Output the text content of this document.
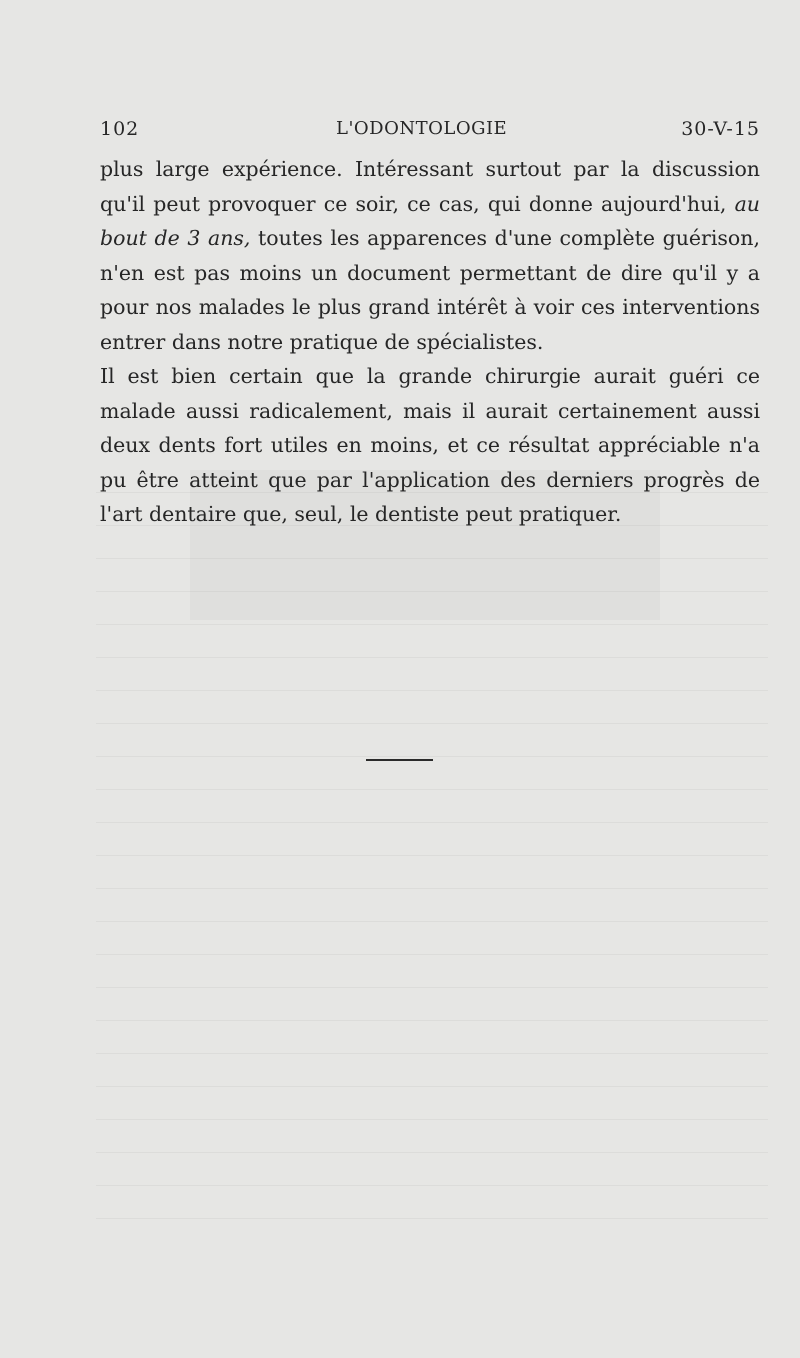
102	L'ODONTOLOGIE	30-V-15

plus large expérience. Intéressant surtout par la discussion qu'il peut provoquer ce soir, ce cas, qui donne aujourd'hui, au bout de 3 ans, toutes les apparences d'une complète guérison, n'en est pas moins un document permettant de dire qu'il y a pour nos malades le plus grand intérêt à voir ces interventions entrer dans notre pratique de spécialistes.

Il est bien certain que la grande chirurgie aurait guéri ce malade aussi radicalement, mais il aurait certainement aussi deux dents fort utiles en moins, et ce résultat appréciable n'a pu être atteint que par l'application des derniers progrès de l'art dentaire que, seul, le dentiste peut pratiquer.
